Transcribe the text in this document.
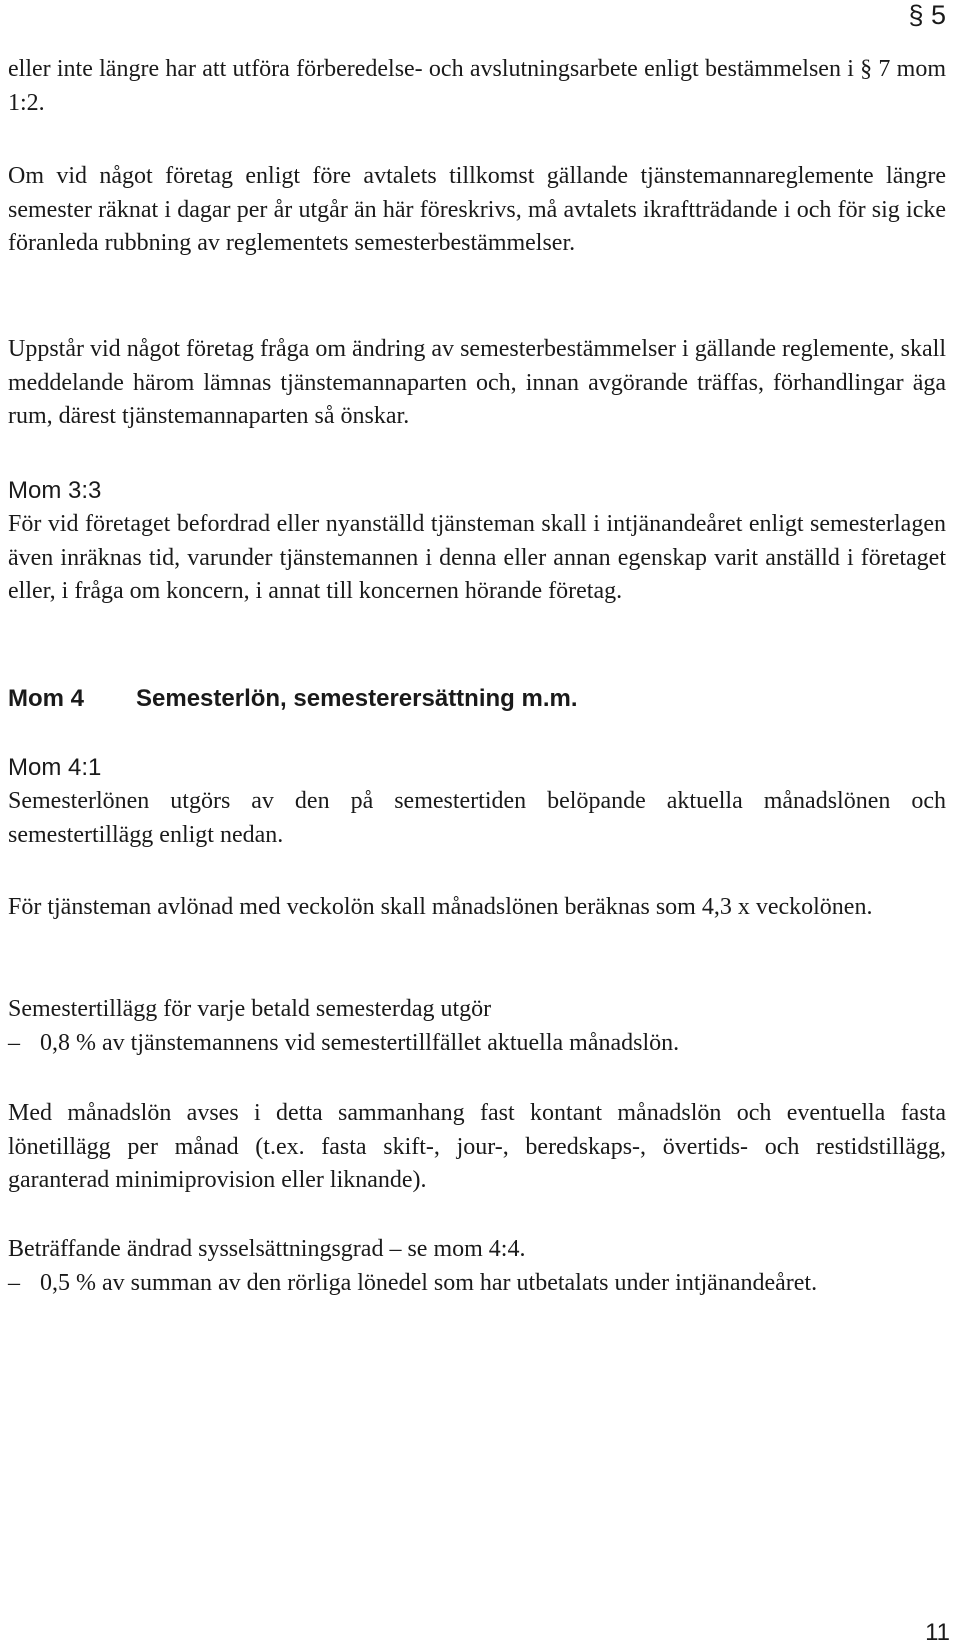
§ 5

eller inte längre har att utföra förberedelse- och avslutningsarbete enligt bestämmelsen i § 7 mom 1:2.

Om vid något företag enligt före avtalets tillkomst gällande tjänstemannareglemente längre semester räknat i dagar per år utgår än här föreskrivs, må avtalets ikraftträdande i och för sig icke föranleda rubbning av reglementets semesterbestämmelser.

Uppstår vid något företag fråga om ändring av semesterbestämmelser i gällande reglemente, skall meddelande härom lämnas tjänstemannaparten och, innan avgörande träffas, förhandlingar äga rum, därest tjänstemannaparten så önskar.

Mom 3:3

För vid företaget befordrad eller nyanställd tjänsteman skall i intjänandeåret enligt semesterlagen även inräknas tid, varunder tjänstemannen i denna eller annan egenskap varit anställd i företaget eller, i fråga om koncern, i annat till koncernen hörande företag.

Mom 4 Semesterlön, semesterersättning m.m.
Mom 4:1

Semesterlönen utgörs av den på semestertiden belöpande aktuella månadslönen och semestertillägg enligt nedan.

För tjänsteman avlönad med veckolön skall månadslönen beräknas som 4,3 x veckolönen.

Semestertillägg för varje betald semesterdag utgör

– 0,8 % av tjänstemannens vid semestertillfället aktuella månadslön.

Med månadslön avses i detta sammanhang fast kontant månadslön och eventuella fasta lönetillägg per månad (t.ex. fasta skift-, jour-, beredskaps-, övertids- och restidstillägg, garanterad minimiprovision eller liknande).

Beträffande ändrad sysselsättningsgrad – se mom 4:4.

– 0,5 % av summan av den rörliga lönedel som har utbetalats under intjänandeåret.
11
